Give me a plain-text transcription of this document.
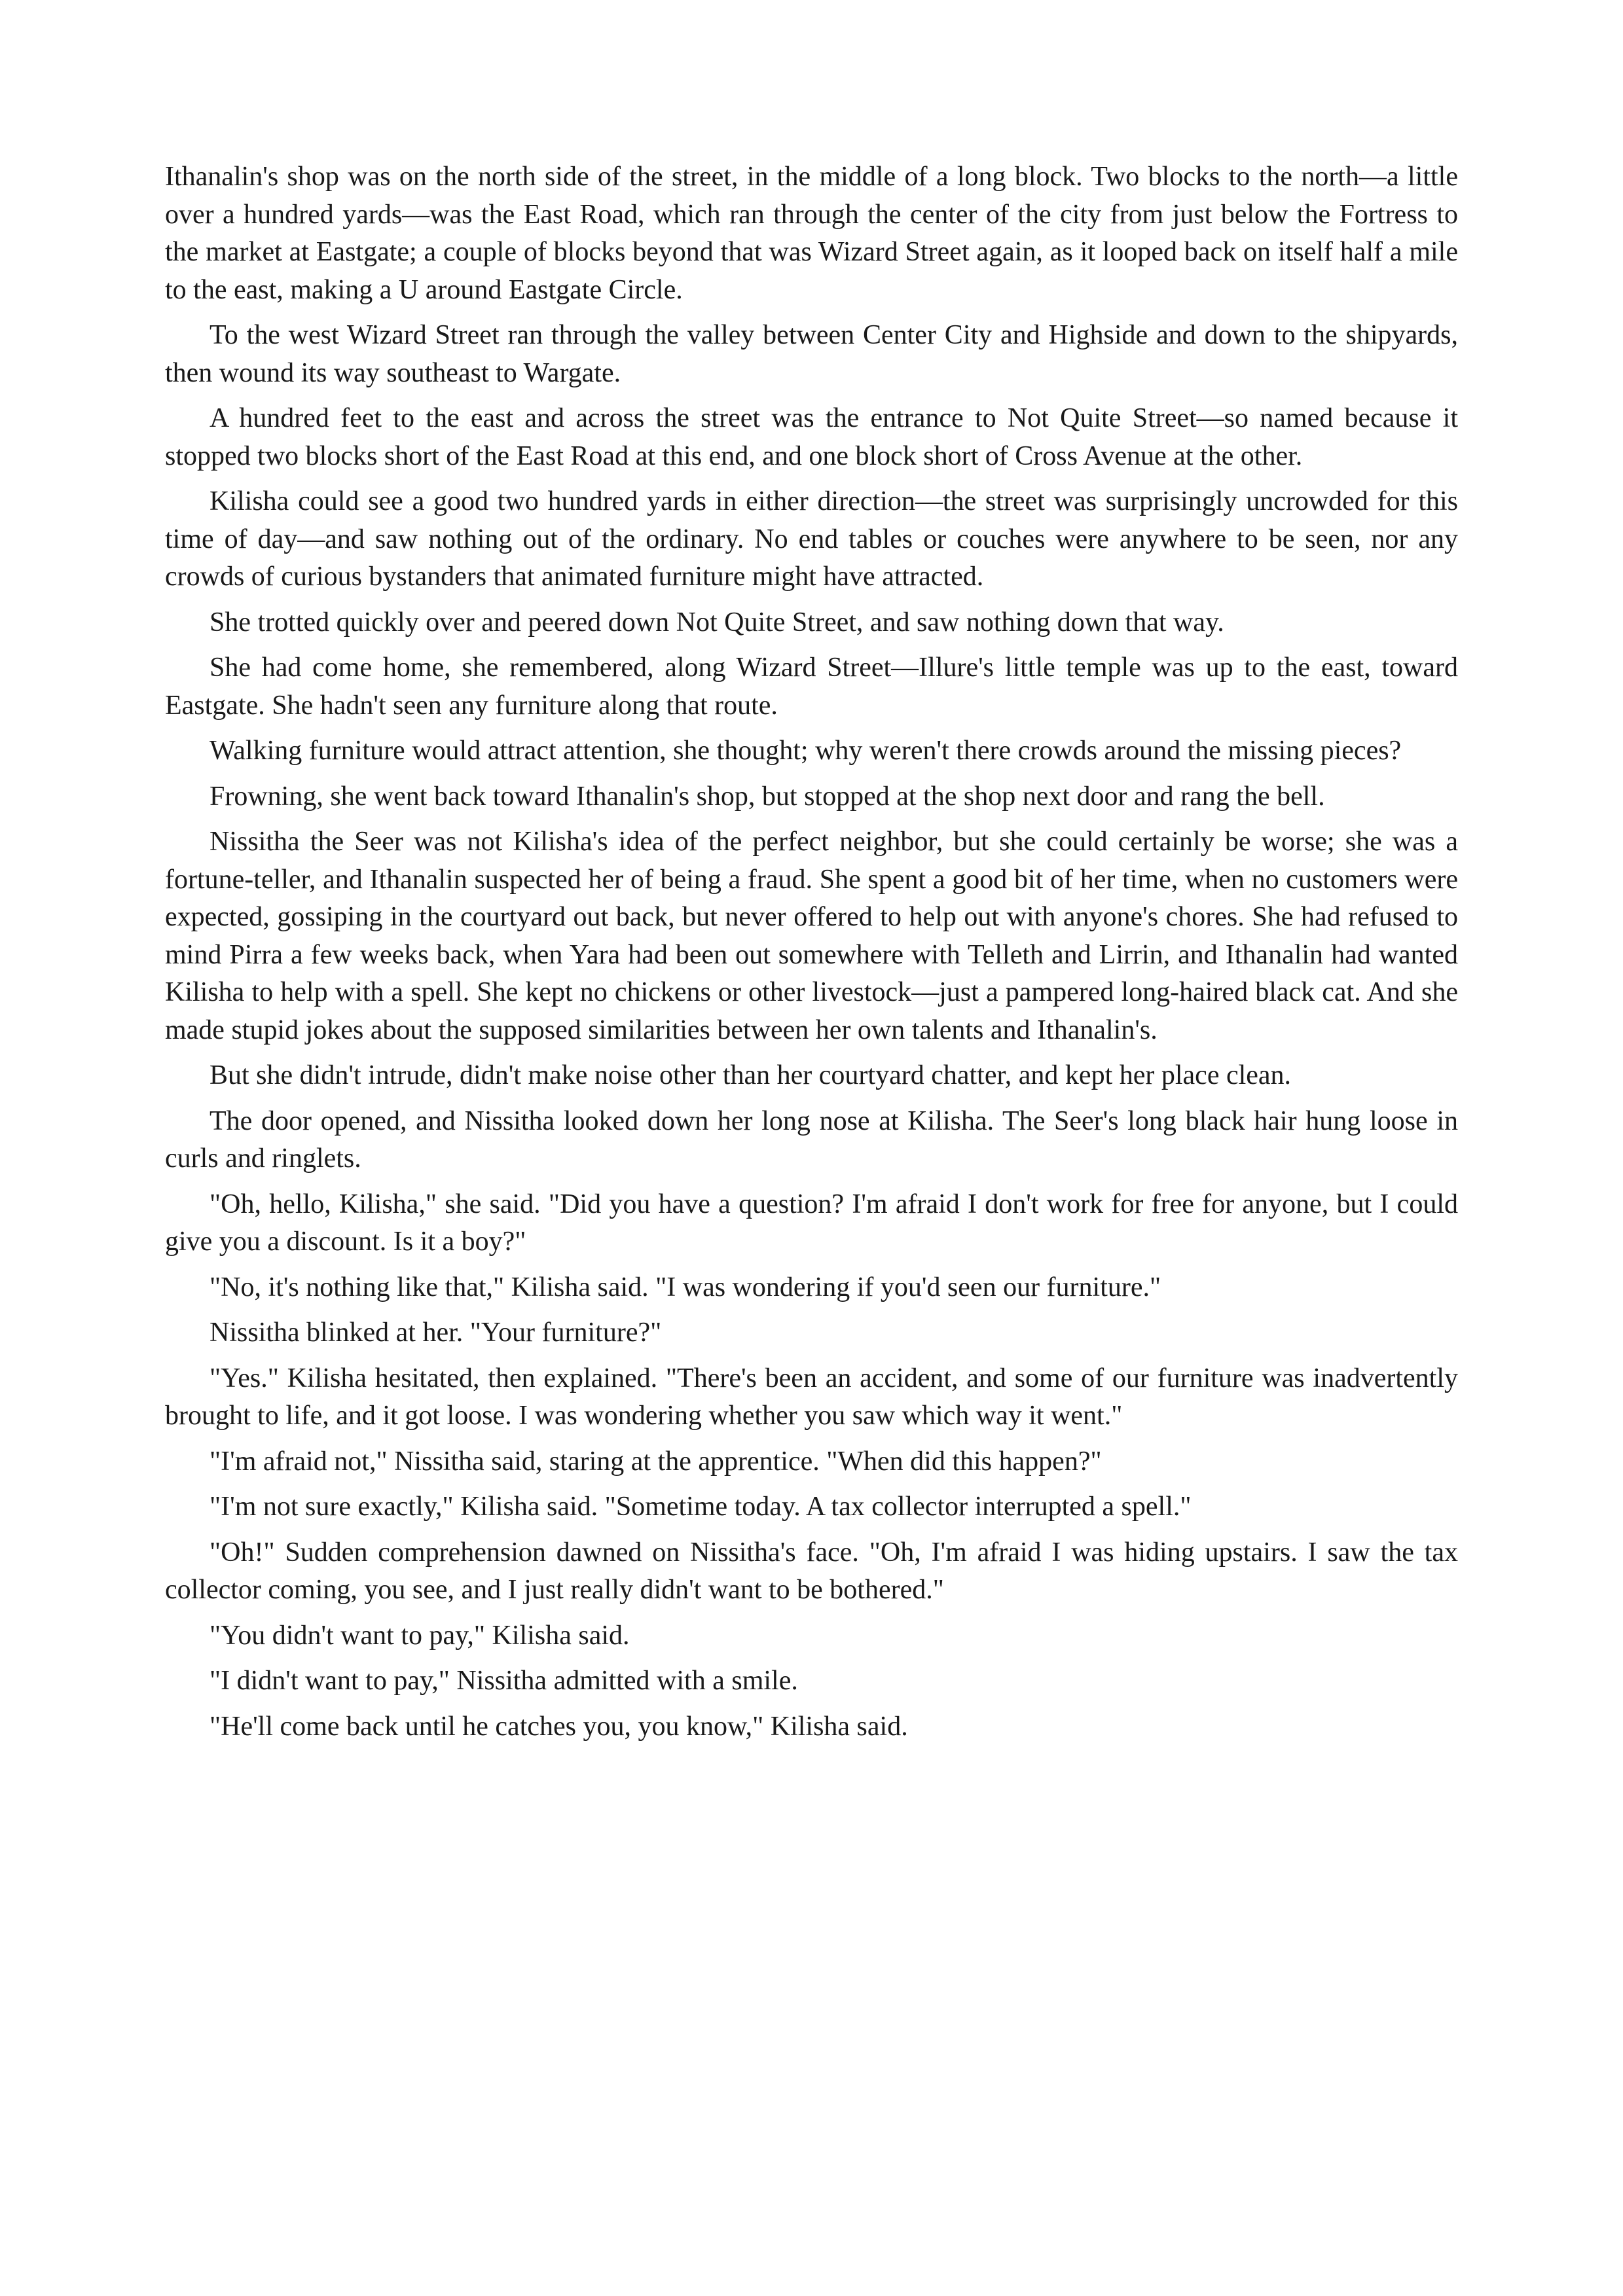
Ithanalin's shop was on the north side of the street, in the middle of a long block. Two blocks to the north—a little over a hundred yards—was the East Road, which ran through the center of the city from just below the Fortress to the market at Eastgate; a couple of blocks beyond that was Wizard Street again, as it looped back on itself half a mile to the east, making a U around Eastgate Circle.

To the west Wizard Street ran through the valley between Center City and Highside and down to the shipyards, then wound its way southeast to Wargate.

A hundred feet to the east and across the street was the entrance to Not Quite Street—so named because it stopped two blocks short of the East Road at this end, and one block short of Cross Avenue at the other.

Kilisha could see a good two hundred yards in either direction—the street was surprisingly uncrowded for this time of day—and saw nothing out of the ordinary. No end tables or couches were anywhere to be seen, nor any crowds of curious bystanders that animated furniture might have attracted.

She trotted quickly over and peered down Not Quite Street, and saw nothing down that way.

She had come home, she remembered, along Wizard Street—Illure's little temple was up to the east, toward Eastgate. She hadn't seen any furniture along that route.

Walking furniture would attract attention, she thought; why weren't there crowds around the missing pieces?

Frowning, she went back toward Ithanalin's shop, but stopped at the shop next door and rang the bell.

Nissitha the Seer was not Kilisha's idea of the perfect neighbor, but she could certainly be worse; she was a fortune-teller, and Ithanalin suspected her of being a fraud. She spent a good bit of her time, when no customers were expected, gossiping in the courtyard out back, but never offered to help out with anyone's chores. She had refused to mind Pirra a few weeks back, when Yara had been out somewhere with Telleth and Lirrin, and Ithanalin had wanted Kilisha to help with a spell. She kept no chickens or other livestock—just a pampered long-haired black cat. And she made stupid jokes about the supposed similarities between her own talents and Ithanalin's.

But she didn't intrude, didn't make noise other than her courtyard chatter, and kept her place clean.

The door opened, and Nissitha looked down her long nose at Kilisha. The Seer's long black hair hung loose in curls and ringlets.

"Oh, hello, Kilisha," she said. "Did you have a question? I'm afraid I don't work for free for anyone, but I could give you a discount. Is it a boy?"

"No, it's nothing like that," Kilisha said. "I was wondering if you'd seen our furniture."

Nissitha blinked at her. "Your furniture?"

"Yes." Kilisha hesitated, then explained. "There's been an accident, and some of our furniture was inadvertently brought to life, and it got loose. I was wondering whether you saw which way it went."

"I'm afraid not," Nissitha said, staring at the apprentice. "When did this happen?"

"I'm not sure exactly," Kilisha said. "Sometime today. A tax collector interrupted a spell."

"Oh!" Sudden comprehension dawned on Nissitha's face. "Oh, I'm afraid I was hiding upstairs. I saw the tax collector coming, you see, and I just really didn't want to be bothered."

"You didn't want to pay," Kilisha said.

"I didn't want to pay," Nissitha admitted with a smile.

"He'll come back until he catches you, you know," Kilisha said.
